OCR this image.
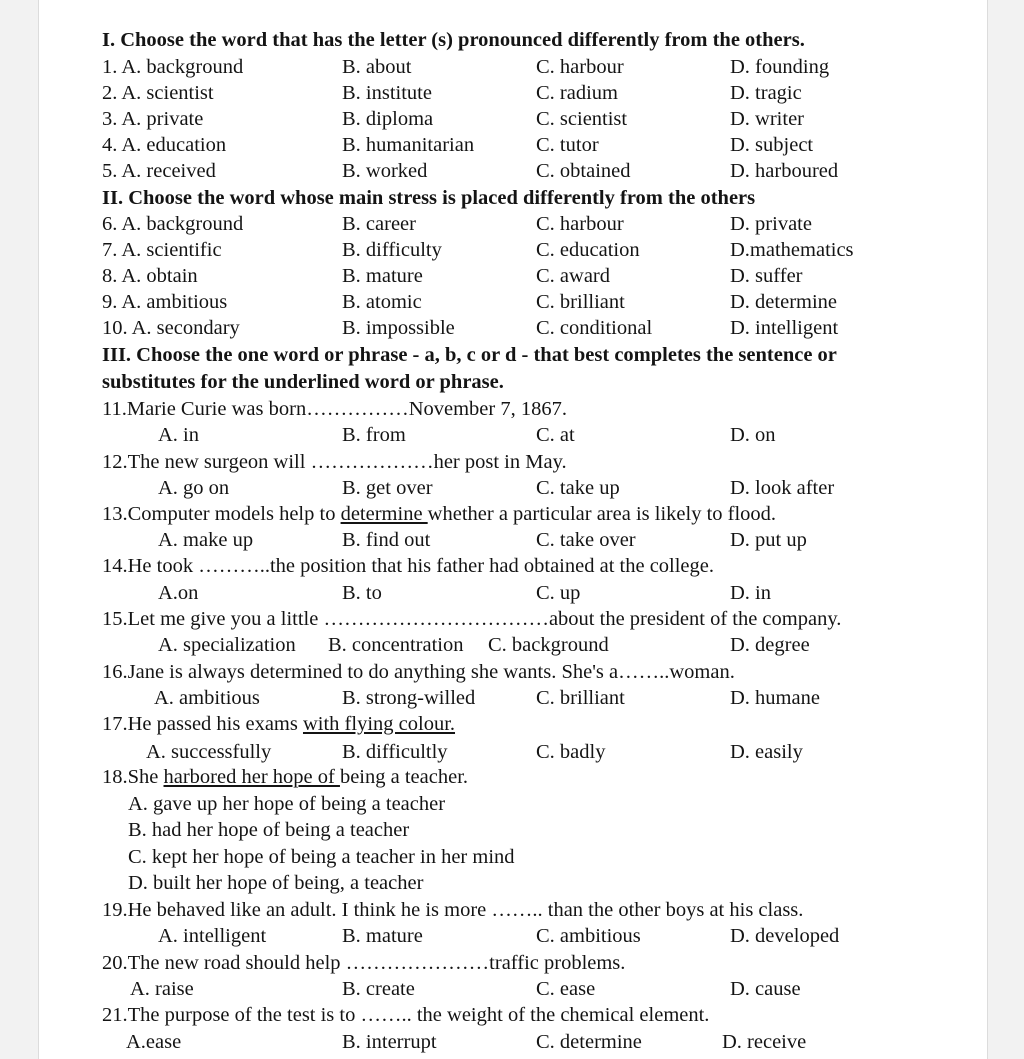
I. Choose the word that has the letter (s) pronounced differently from the others.
1. A. background	B. about	C. harbour	D. founding
2. A. scientist	B. institute	C. radium	D. tragic
3. A. private	B. diploma	C. scientist	D. writer
4. A. education	B. humanitarian	C. tutor	D. subject
5. A. received	B. worked	C. obtained	D. harboured
II. Choose the word whose main stress is placed differently from the others
6. A. background	B. career	C. harbour	D. private
7. A. scientific	B. difficulty	C. education	D.mathematics
8. A. obtain	B. mature	C. award	D. suffer
9. A. ambitious	B. atomic	C. brilliant	D. determine
10. A. secondary	B. impossible	C. conditional	D. intelligent
III. Choose the one word or phrase - a, b, c or d - that best completes the sentence or
substitutes for the underlined word or phrase.
11.Marie Curie was born……………November 7, 1867.
A. in	B. from	C. at	D. on
12.The new surgeon will ………………her post in May.
A. go on	B. get over	C. take up	D. look after
13.Computer models help to determine whether a particular area is likely to flood.
A. make up	B. find out	C. take over	D. put up
14.He took ………..the position that his father had obtained at the college.
A.on	B. to	C. up	D. in
15.Let me give you a little ……………………………about the president of the company.
A. specialization B. concentration C. background	D. degree
16.Jane is always determined to do anything she wants. She's a……..woman.
A. ambitious	B. strong-willed	C. brilliant	D. humane
17.He passed his exams with flying colour.
A. successfully	B. difficultly	C. badly	D. easily
18.She harbored her hope of being a teacher.
A. gave up her hope of being a teacher
B. had her hope of being a teacher
C. kept her hope of being a teacher in her mind
D. built her hope of being, a teacher
19.He behaved like an adult. I think he is more …….. than the other boys at his class.
A. intelligent	B. mature	C. ambitious	D. developed
20.The new road should help …………………traffic problems.
A. raise	B. create	C. ease	D. cause
21.The purpose of the test is to …….. the weight of the chemical element.
A.ease	B. interrupt	C. determine	D. receive
